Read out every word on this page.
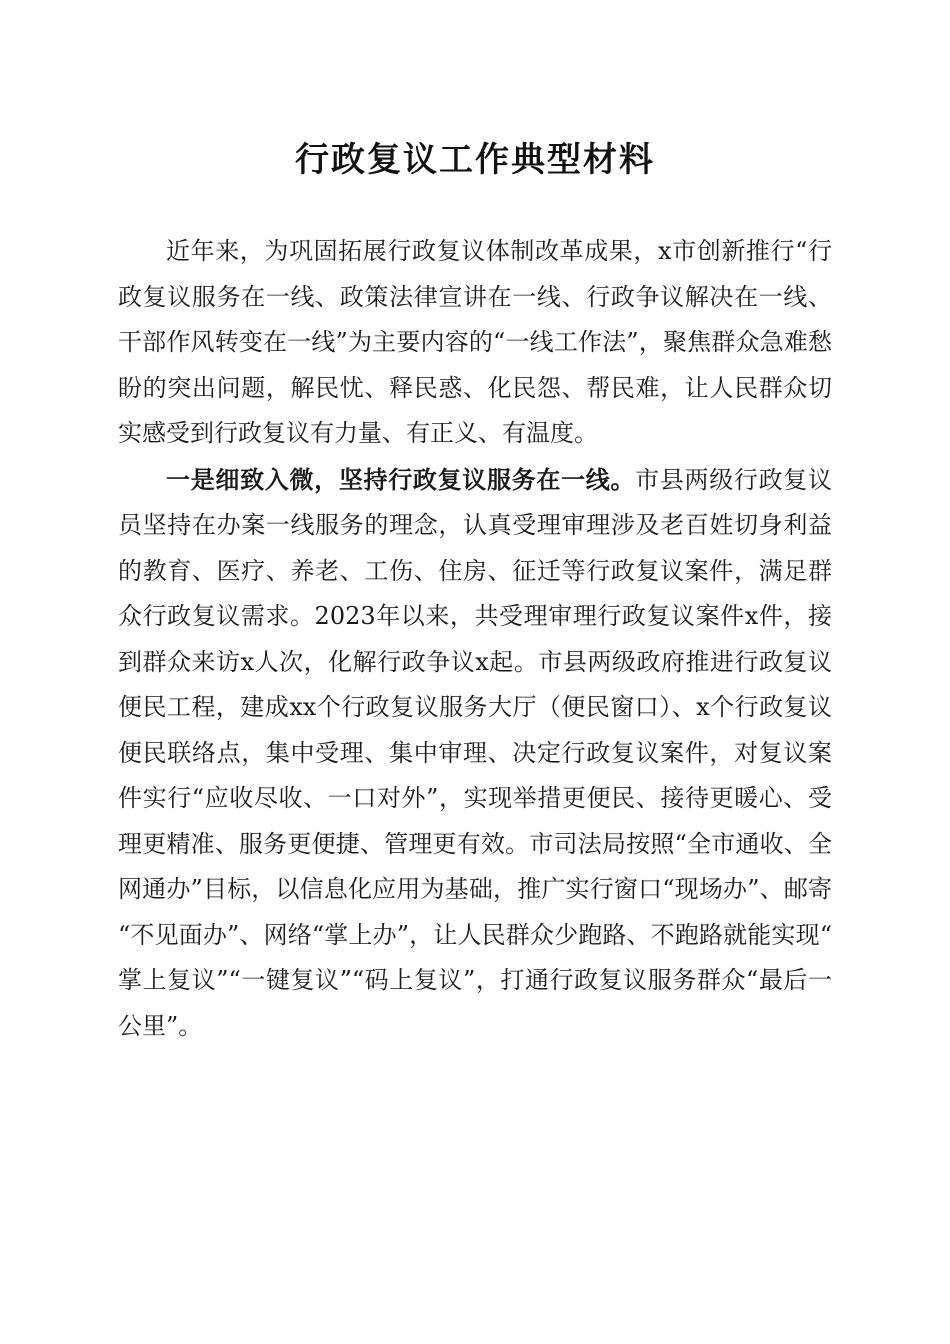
行政复议工作典型材料

近年来，为巩固拓展行政复议体制改革成果，x市创新推行“行政复议服务在一线、政策法律宣讲在一线、行政争议解决在一线、干部作风转变在一线”为主要内容的“一线工作法”，聚焦群众急难愁盼的突出问题，解民忧、释民惑、化民怨、帮民难，让人民群众切实感受到行政复议有力量、有正义、有温度。

一是细致入微，坚持行政复议服务在一线。市县两级行政复议员坚持在办案一线服务的理念，认真受理审理涉及老百姓切身利益的教育、医疗、养老、工伤、住房、征迁等行政复议案件，满足群众行政复议需求。2023年以来，共受理审理行政复议案件x件，接到群众来访x人次，化解行政争议x起。市县两级政府推进行政复议便民工程，建成xx个行政复议服务大厅（便民窗口）、x个行政复议便民联络点，集中受理、集中审理、决定行政复议案件，对复议案件实行“应收尽收、一口对外”，实现举措更便民、接待更暖心、受理更精准、服务更便捷、管理更有效。市司法局按照“全市通收、全网通办”目标，以信息化应用为基础，推广实行窗口“现场办”、邮寄“不见面办”、网络“掌上办”，让人民群众少跑路、不跑路就能实现“掌上复议”“一键复议”“码上复议”，打通行政复议服务群众“最后一公里”。
